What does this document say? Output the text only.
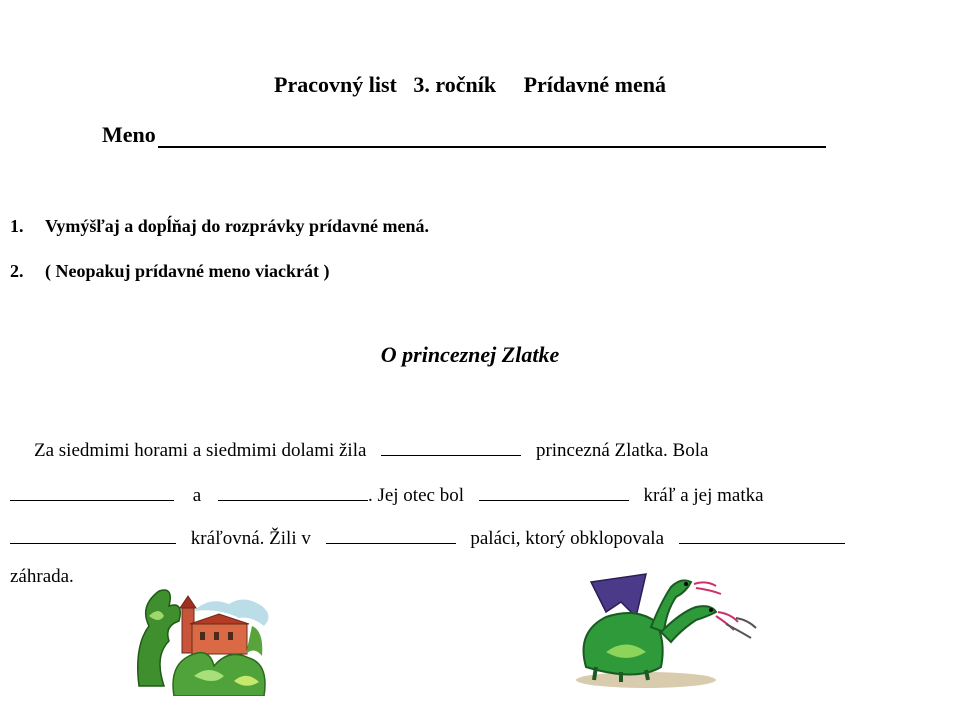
Pracovný list 3. ročník Prídavné mená
Meno
1. Vymýšľaj a dopĺňaj do rozprávky prídavné mená.
2. ( Neopakuj prídavné meno viackrát )
O princeznej Zlatke
Za siedmimi horami a siedmimi dolami žila	princezná Zlatka. Bola
a	. Jej otec bol	kráľ a jej matka
kráľovná. Žili v	paláci, ktorý obklopovala
záhrada.
